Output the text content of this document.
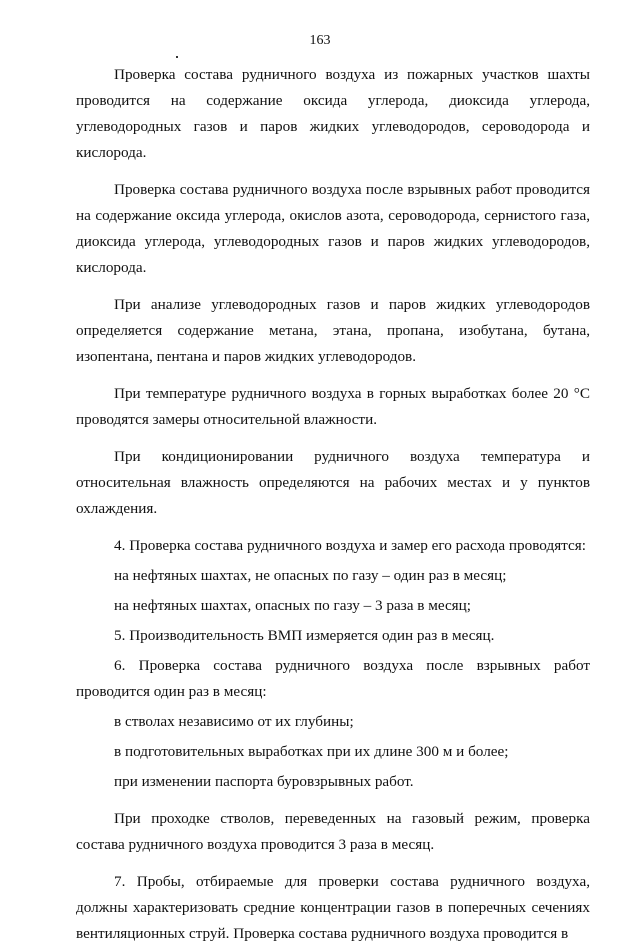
163

Проверка состава рудничного воздуха из пожарных участков шахты проводится на содержание оксида углерода, диоксида углерода, углеводородных газов и паров жидких углеводородов, сероводорода и кислорода.

Проверка состава рудничного воздуха после взрывных работ проводится на содержание оксида углерода, окислов азота, сероводорода, сернистого газа, диоксида углерода, углеводородных газов и паров жидких углеводородов, кислорода.

При анализе углеводородных газов и паров жидких углеводородов определяется содержание метана, этана, пропана, изобутана, бутана, изопентана, пентана и паров жидких углеводородов.

При температуре рудничного воздуха в горных выработках более 20 °С проводятся замеры относительной влажности.

При кондиционировании рудничного воздуха температура и относительная влажность определяются на рабочих местах и у пунктов охлаждения.

4. Проверка состава рудничного воздуха и замер его расхода проводятся:

на нефтяных шахтах, не опасных по газу – один раз в месяц;

на нефтяных шахтах, опасных по газу – 3 раза в месяц;

5. Производительность ВМП измеряется один раз в месяц.

6. Проверка состава рудничного воздуха после взрывных работ проводится один раз в месяц:

в стволах независимо от их глубины;

в подготовительных выработках при их длине 300 м и более;

при изменении паспорта буровзрывных работ.

При проходке стволов, переведенных на газовый режим, проверка состава рудничного воздуха проводится 3 раза в месяц.

7. Пробы, отбираемые для проверки состава рудничного воздуха, должны характеризовать средние концентрации газов в поперечных сечениях вентиляционных струй. Проверка состава рудничного воздуха проводится в
